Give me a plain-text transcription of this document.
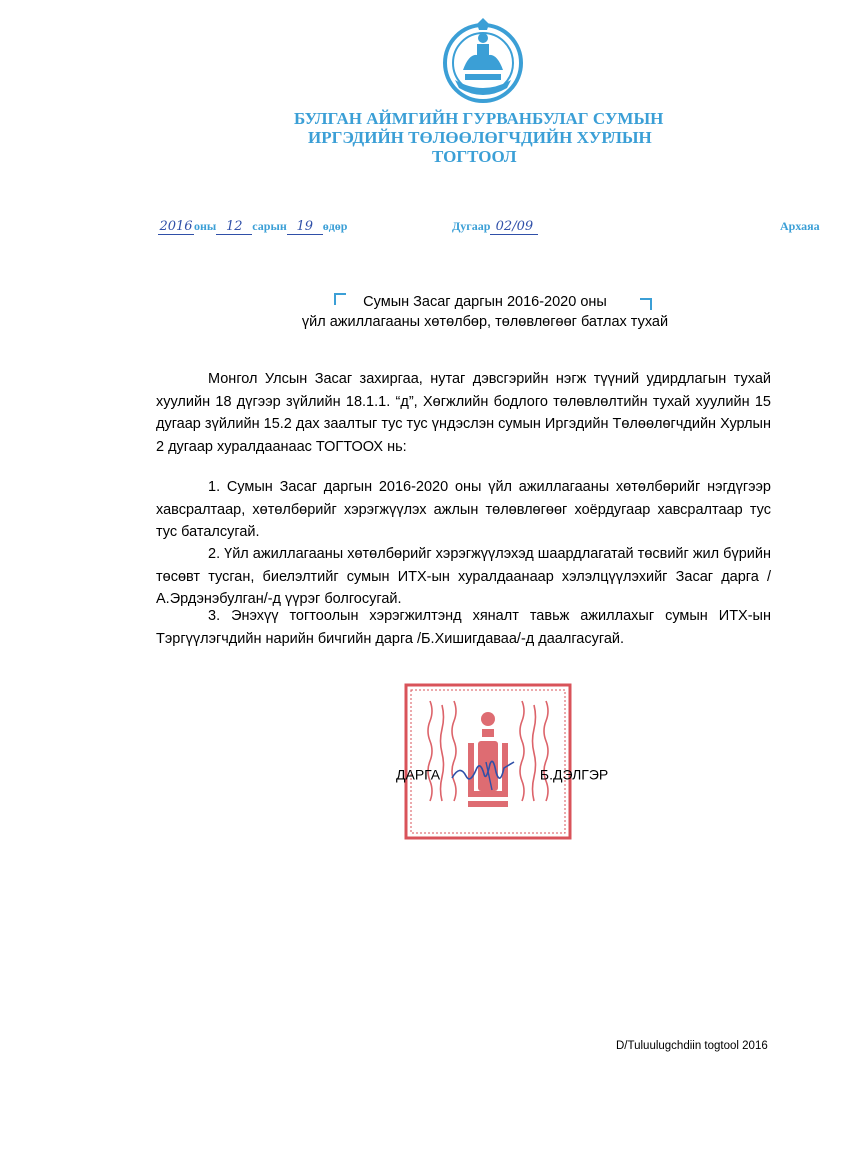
БУЛГАН АЙМГИЙН ГУРВАНБУЛАГ СУМЫН
ИРГЭДИЙН ТӨЛӨӨЛӨГЧДИЙН ХУРЛЫН
ТОГТООЛ
2016оны 12 сарын 19 өдөр	Дугаар 02/09	Архаяа
Сумын Засаг даргын 2016-2020 оны
үйл ажиллагааны хөтөлбөр, төлөвлөгөөг батлах тухай

Монгол Улсын Засаг захиргаа, нутаг дэвсгэрийн нэгж түүний удирдлагын тухай хуулийн 18 дүгээр зүйлийн 18.1.1. “д”, Хөгжлийн бодлого төлөвлөлтийн тухай хуулийн 15 дугаар зүйлийн 15.2 дах заалтыг тус тус үндэслэн сумын Иргэдийн Төлөөлөгчдийн Хурлын 2 дугаар хуралдаанаас ТОГТООХ нь:

1. Сумын Засаг даргын 2016-2020 оны үйл ажиллагааны хөтөлбөрийг нэгдүгээр хавсралтаар, хөтөлбөрийг хэрэгжүүлэх ажлын төлөвлөгөөг хоёрдугаар хавсралтаар тус тус баталсугай.

2. Үйл ажиллагааны хөтөлбөрийг хэрэгжүүлэхэд шаардлагатай төсвийг жил бүрийн төсөвт тусган, биелэлтийг сумын ИТХ-ын хуралдаанаар хэлэлцүүлэхийг Засаг дарга /А.Эрдэнэбулган/-д үүрэг болгосугай.

3. Энэхүү тогтоолын хэрэгжилтэнд хяналт тавьж ажиллахыг сумын ИТХ-ын Тэргүүлэгчдийн нарийн бичгийн дарга /Б.Хишигдаваа/-д даалгасугай.

ДАРГА	Б.ДЭЛГЭР
D/Tuluulugchdiin togtool 2016
